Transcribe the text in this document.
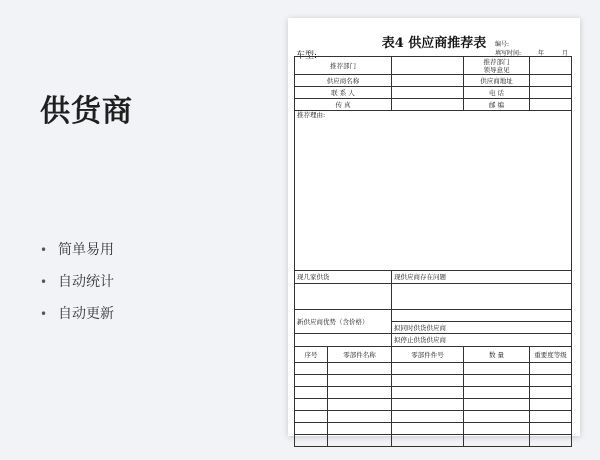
供货商
• 简单易用
• 自动统计
• 自动更新
表4 供应商推荐表	编号:
车型:	填写时间:	年	月
推荐部门			推荐部门
领导意见	
供应商名称			供应商地址	
联 系 人			电 话	
传 真			邮 编	
推荐理由:				
现几家供货		现供应商存在问题		

新供应商优势（含价格）				
		拟同时供货供应商		
		拟停止供货供应商		
序号	零部件名称	零部件件号	数 量	重要度等级
